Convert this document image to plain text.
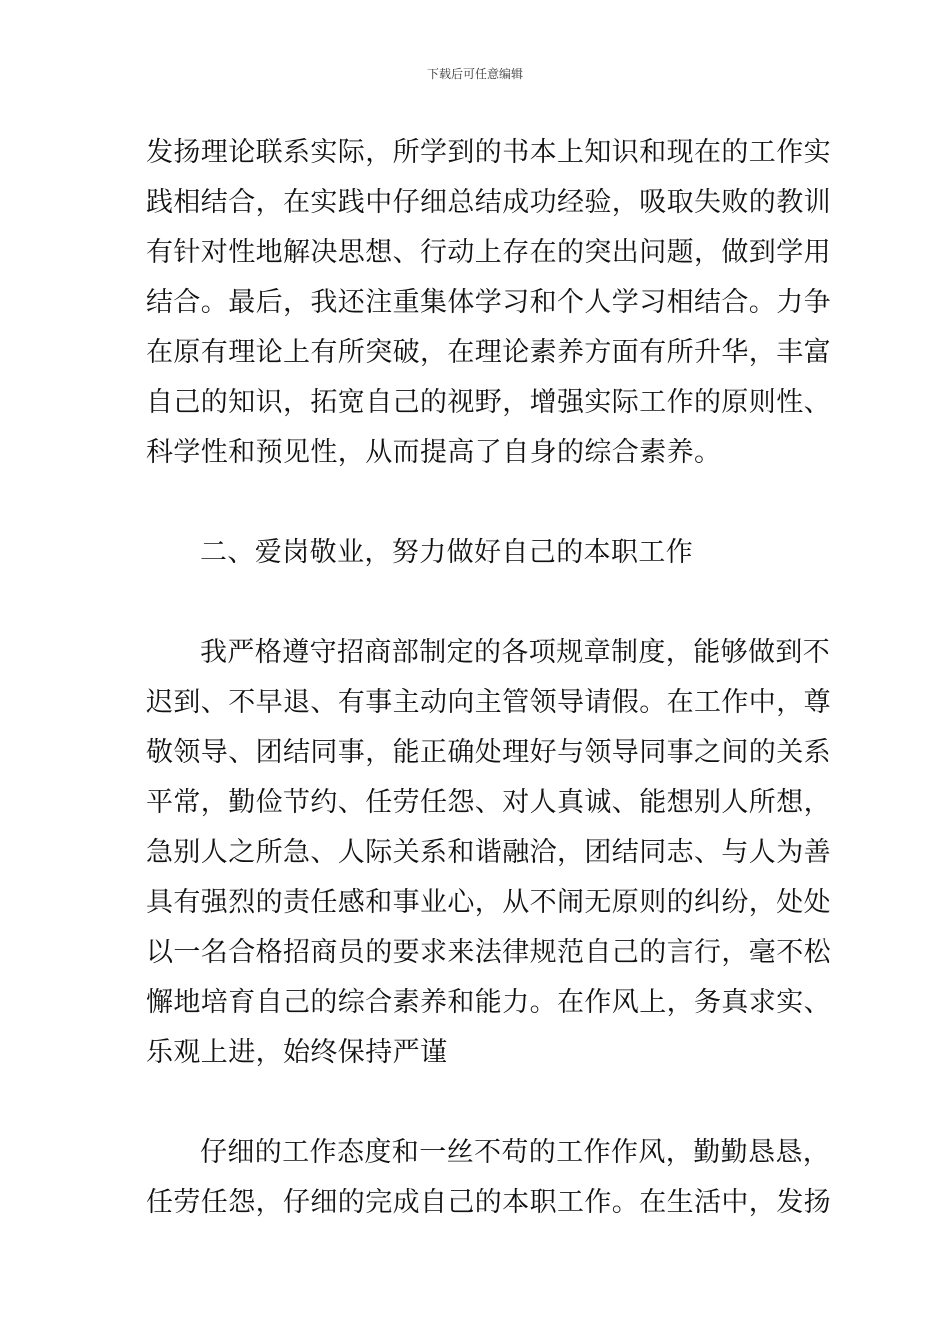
下载后可任意编辑
发扬理论联系实际，所学到的书本上知识和现在的工作实
践相结合，在实践中仔细总结成功经验，吸取失败的教训
有针对性地解决思想、行动上存在的突出问题，做到学用
结合。最后，我还注重集体学习和个人学习相结合。力争
在原有理论上有所突破，在理论素养方面有所升华，丰富
自己的知识，拓宽自己的视野，增强实际工作的原则性、
科学性和预见性，从而提高了自身的综合素养。
二、爱岗敬业，努力做好自己的本职工作
我严格遵守招商部制定的各项规章制度，能够做到不
迟到、不早退、有事主动向主管领导请假。在工作中，尊
敬领导、团结同事，能正确处理好与领导同事之间的关系
平常，勤俭节约、任劳任怨、对人真诚、能想别人所想，
急别人之所急、人际关系和谐融洽，团结同志、与人为善
具有强烈的责任感和事业心，从不闹无原则的纠纷，处处
以一名合格招商员的要求来法律规范自己的言行，毫不松
懈地培育自己的综合素养和能力。在作风上，务真求实、
乐观上进，始终保持严谨
仔细的工作态度和一丝不苟的工作作风，勤勤恳恳，
任劳任怨，仔细的完成自己的本职工作。在生活中，发扬
